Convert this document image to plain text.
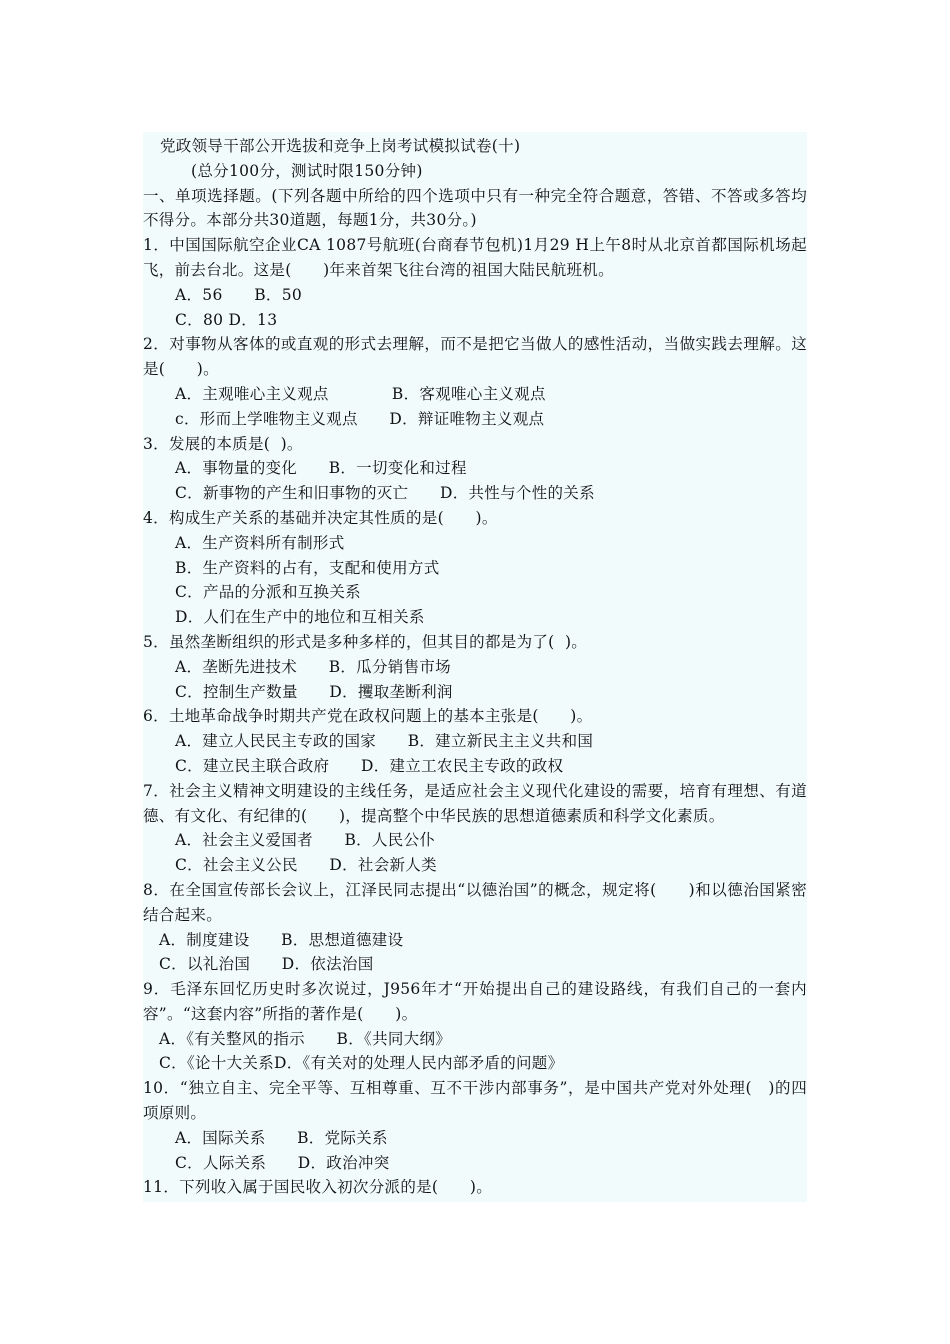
党政领导干部公开选拔和竞争上岗考试模拟试卷(十)
(总分100分，测试时限150分钟)
一、单项选择题。(下列各题中所给的四个选项中只有一种完全符合题意，答错、不答或多答均不得分。本部分共30道题，每题1分，共30分。)
1．中国国际航空企业CA 1087号航班(台商春节包机)1月29 H上午8时从北京首都国际机场起飞，前去台北。这是(　　)年来首架飞往台湾的祖国大陆民航班机。
A．56　　B．50
C．80 D．13
2．对事物从客体的或直观的形式去理解，而不是把它当做人的感性活动，当做实践去理解。这是(　　)。
A．主观唯心主义观点　　　　B．客观唯心主义观点
c．形而上学唯物主义观点　　D．辩证唯物主义观点
3．发展的本质是(  )。
A．事物量的变化　　B．一切变化和过程
C．新事物的产生和旧事物的灭亡　　D．共性与个性的关系
4．构成生产关系的基础并决定其性质的是(　　)。
A．生产资料所有制形式
B．生产资料的占有，支配和使用方式
C．产品的分派和互换关系
D．人们在生产中的地位和互相关系
5．虽然垄断组织的形式是多种多样的，但其目的都是为了(  )。
A．垄断先进技术　　B．瓜分销售市场
C．控制生产数量　　D．攫取垄断利润
6．土地革命战争时期共产党在政权问题上的基本主张是(　　)。
A．建立人民民主专政的国家　　B．建立新民主主义共和国
C．建立民主联合政府　　D．建立工农民主专政的政权
7．社会主义精神文明建设的主线任务，是适应社会主义现代化建设的需要，培育有理想、有道德、有文化、有纪律的(　　)，提高整个中华民族的思想道德素质和科学文化素质。
A．社会主义爱国者　　B．人民公仆
C．社会主义公民　　D．社会新人类
8．在全国宣传部长会议上，江泽民同志提出“以德治国”的概念，规定将(　　)和以德治国紧密结合起来。
A．制度建设　　B．思想道德建设
C．以礼治国　　D．依法治国
9．毛泽东回忆历史时多次说过，J956年才“开始提出自己的建设路线，有我们自己的一套内容”。“这套内容”所指的著作是(　　)。
A．《有关整风的指示　　B．《共同大纲》
C．《论十大关系D．《有关对的处理人民内部矛盾的问题》
10．“独立自主、完全平等、互相尊重、互不干涉内部事务”，是中国共产党对外处理(　)的四项原则。
A．国际关系　　B．党际关系
C．人际关系　　D．政治冲突
11．下列收入属于国民收入初次分派的是(　　)。
